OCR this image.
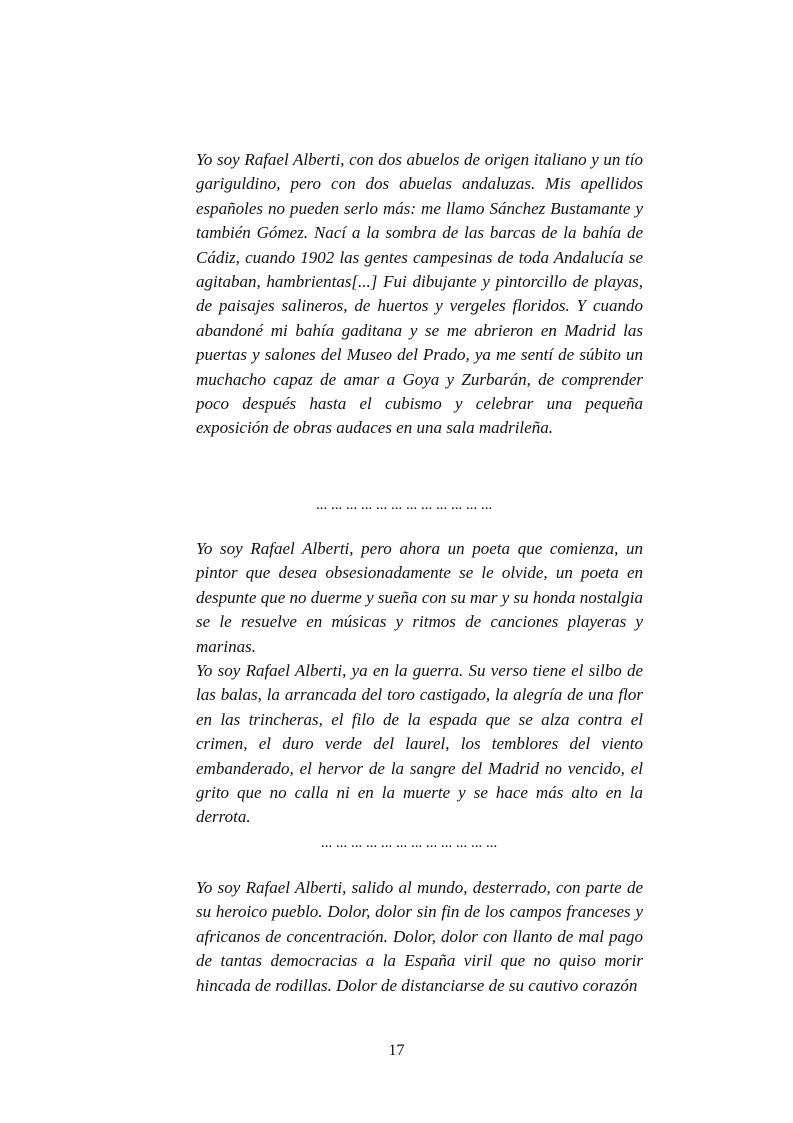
Yo soy Rafael Alberti, con dos abuelos de origen italiano y un tío gariguldino, pero con dos abuelas andaluzas. Mis apellidos españoles no pueden serlo más: me llamo Sánchez Bustamante y también Gómez. Nací a la sombra de las barcas de la bahía de Cádiz, cuando 1902 las gentes campesinas de toda Andalucía se agitaban, hambrientas[...] Fui dibujante y pintorcillo de playas, de paisajes salineros, de huertos y vergeles floridos. Y cuando abandoné mi bahía gaditana y se me abrieron en Madrid las puertas y salones del Museo del Prado, ya me sentí de súbito un muchacho capaz de amar a Goya y Zurbarán, de comprender poco después hasta el cubismo y celebrar una pequeña exposición de obras audaces en una sala madrileña.

... ... ... ... ... ... ... ... ... ... ... ...

Yo soy Rafael Alberti, pero ahora un poeta que comienza, un pintor que desea obsesionadamente se le olvide, un poeta en despunte que no duerme y sueña con su mar y su honda nostalgia se le resuelve en músicas y ritmos de canciones playeras y marinas.

Yo soy Rafael Alberti, ya en la guerra. Su verso tiene el silbo de las balas, la arrancada del toro castigado, la alegría de una flor en las trincheras, el filo de la espada que se alza contra el crimen, el duro verde del laurel, los temblores del viento embanderado, el hervor de la sangre del Madrid no vencido, el grito que no calla ni en la muerte y se hace más alto en la derrota.

... ... ... ... ... ... ... ... ... ... ... ...

Yo soy Rafael Alberti, salido al mundo, desterrado, con parte de su heroico pueblo. Dolor, dolor sin fin de los campos franceses y africanos de concentración. Dolor, dolor con llanto de mal pago de tantas democracias a la España viril que no quiso morir hincada de rodillas. Dolor de distanciarse de su cautivo corazón

17
